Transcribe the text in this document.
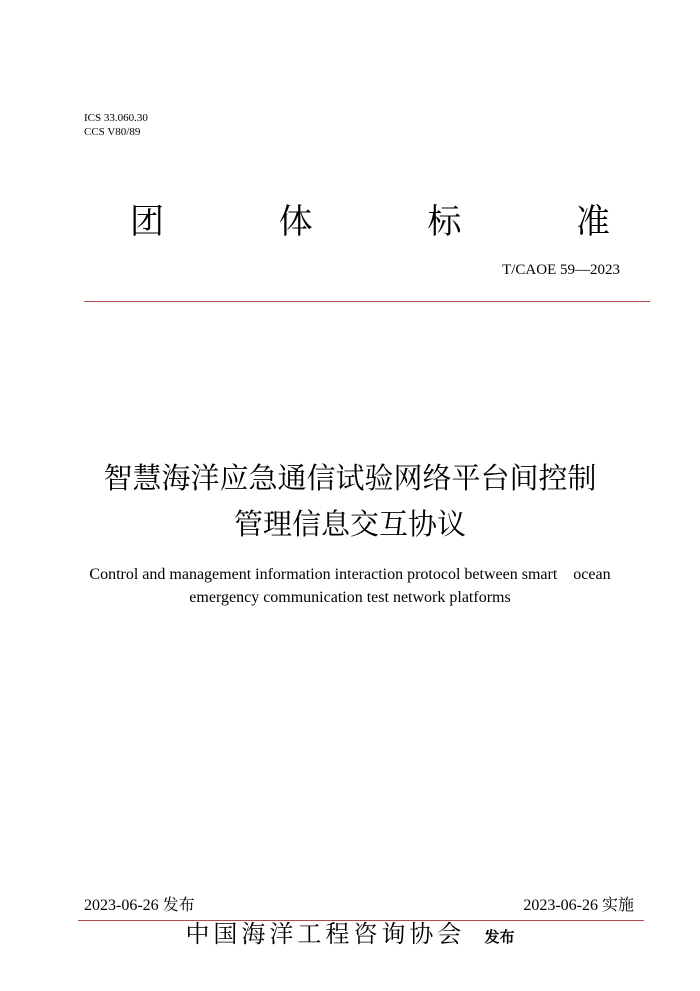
ICS 33.060.30
CCS V80/89
团	体	标	准
T/CAOE 59—2023
智慧海洋应急通信试验网络平台间控制
管理信息交互协议
Control and management information interaction protocol between smart    ocean
emergency communication test network platforms
2023-06-26 发布	2023-06-26 实施
中国海洋工程咨询协会 发布
